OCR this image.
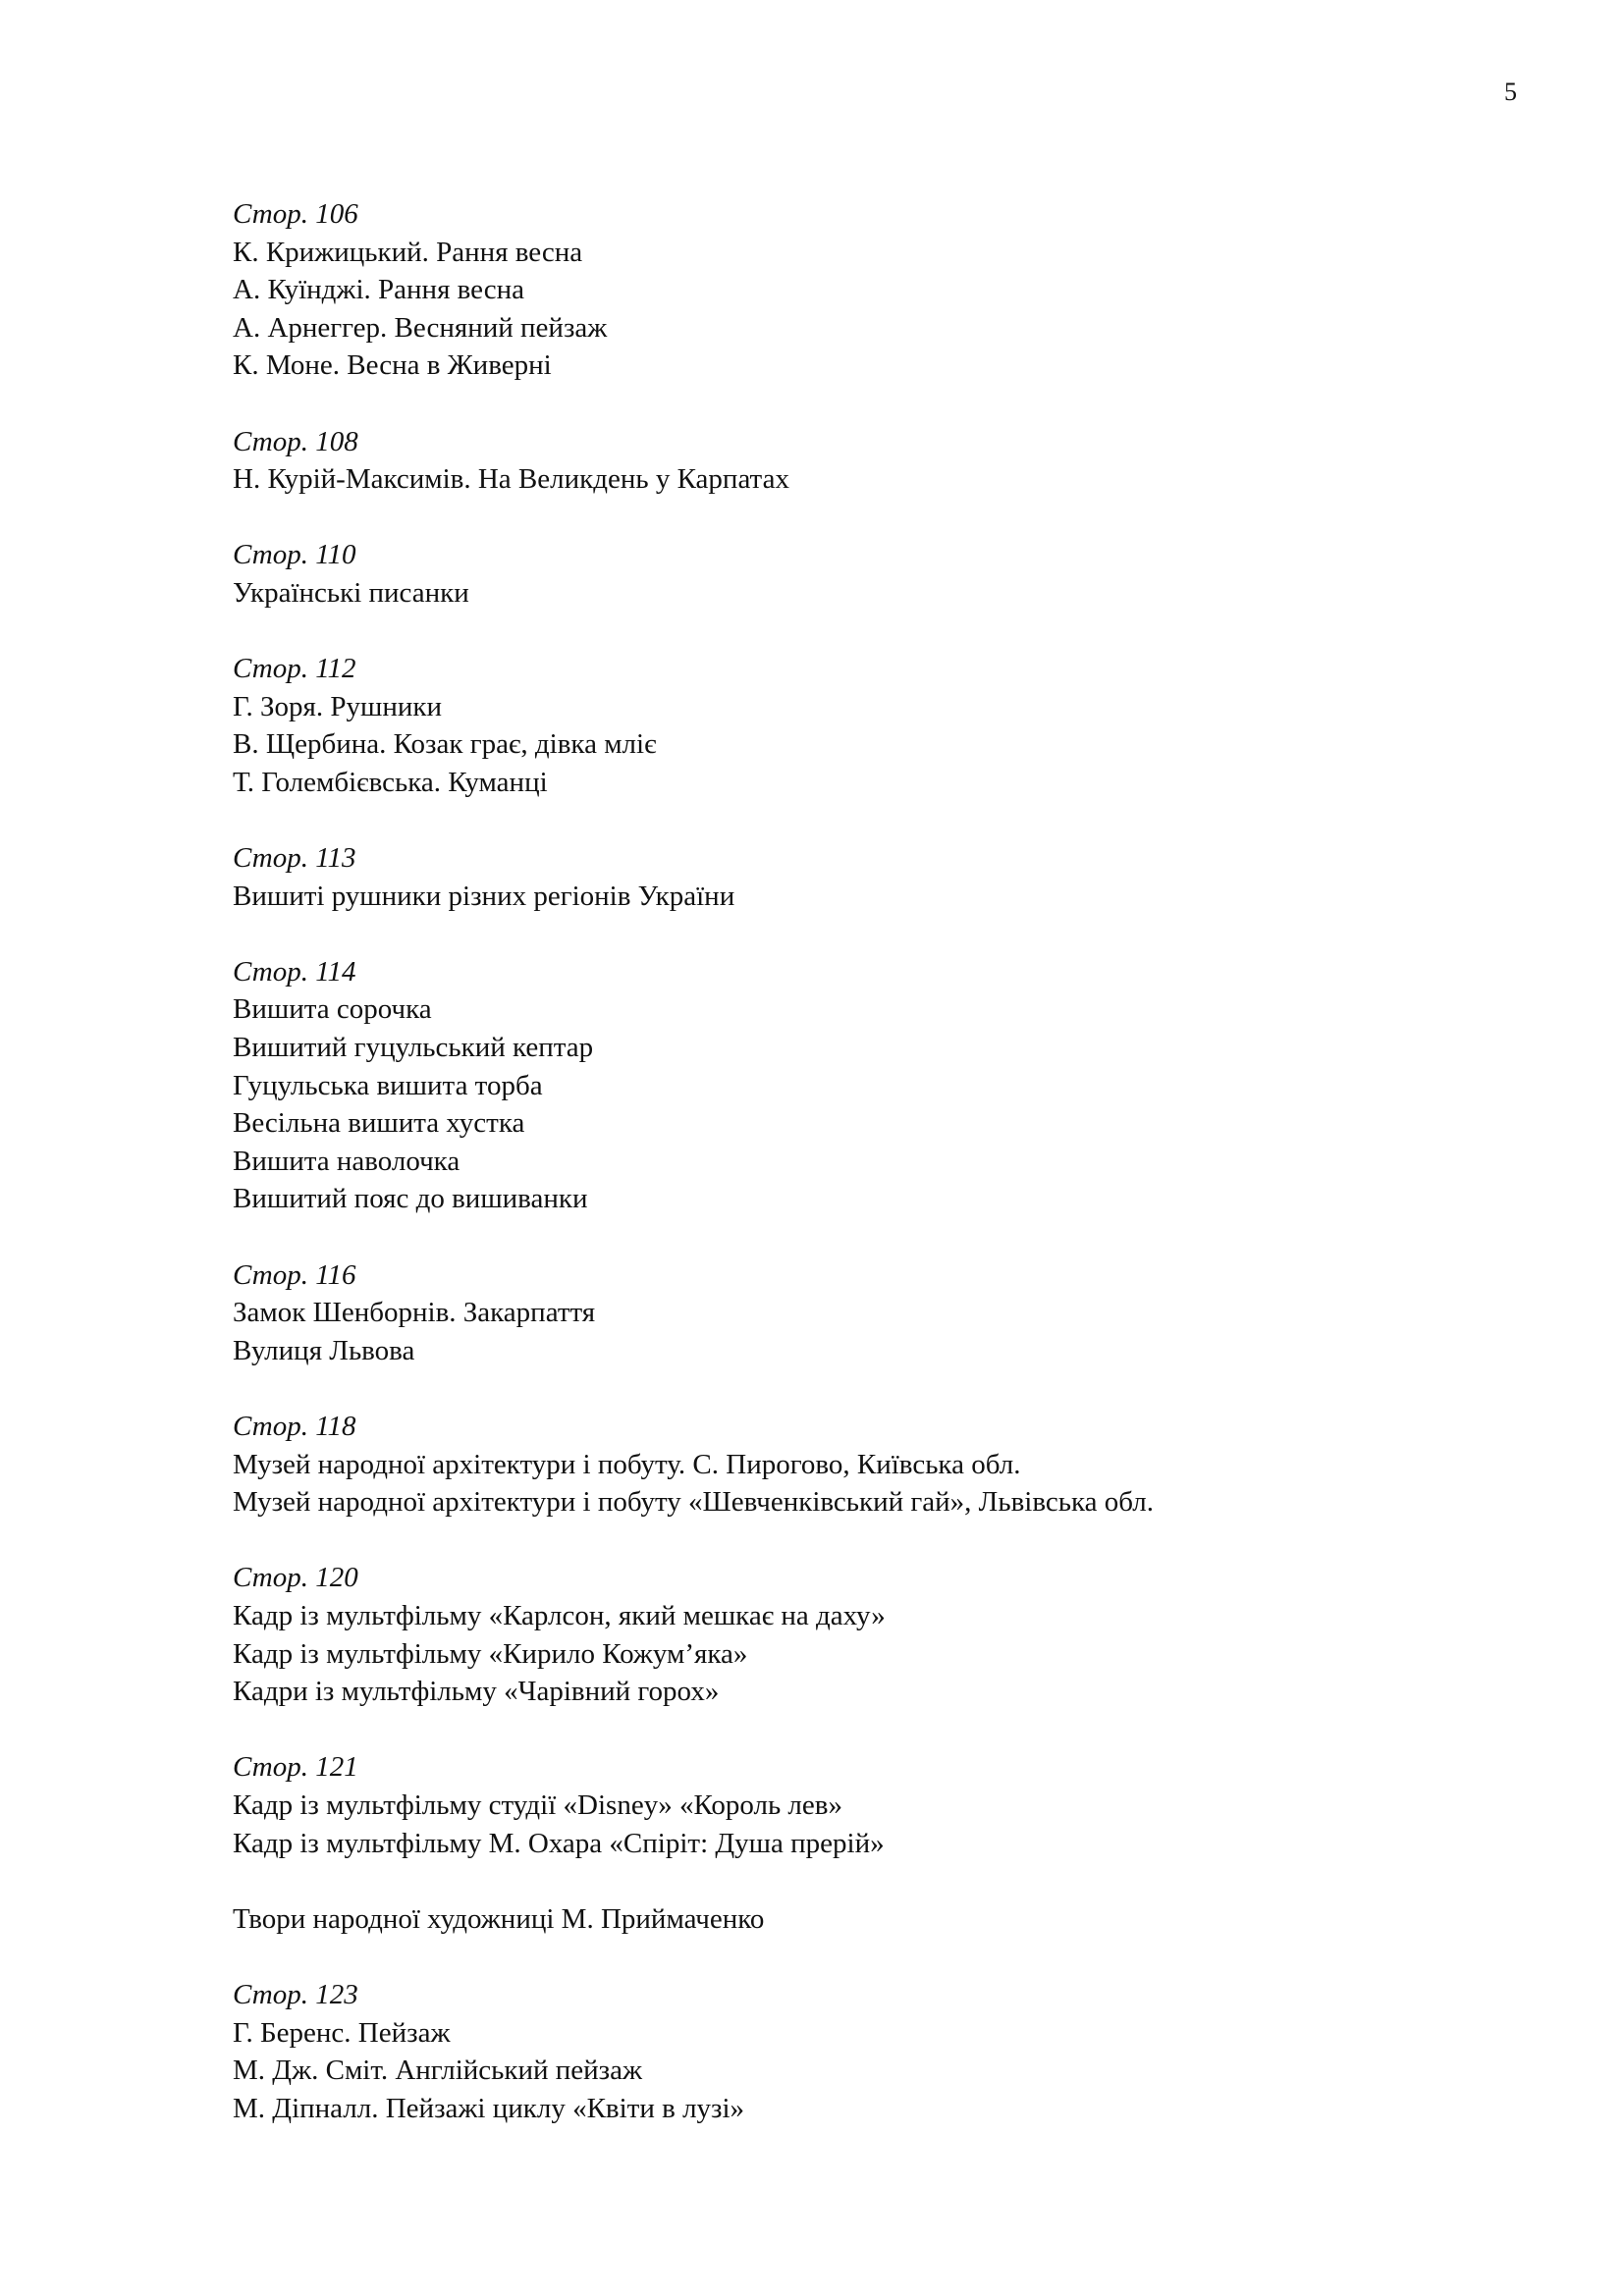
5
Стор. 106
К. Крижицький. Рання весна
А. Куїнджі. Рання весна
А. Арнеггер. Весняний пейзаж
К. Моне. Весна в Живерні
Стор. 108
Н. Курій-Максимів. На Великдень у Карпатах
Стор. 110
Українські писанки
Стор. 112
Г. Зоря. Рушники
В. Щербина. Козак грає, дівка мліє
Т. Голембієвська. Куманці
Стор. 113
Вишиті рушники різних регіонів України
Стор. 114
Вишита сорочка
Вишитий гуцульський кептар
Гуцульська вишита торба
Весільна вишита хустка
Вишита наволочка
Вишитий пояс до вишиванки
Стор. 116
Замок Шенборнів. Закарпаття
Вулиця Львова
Стор. 118
Музей народної архітектури і побуту. С. Пирогово, Київська обл.
Музей народної архітектури і побуту «Шевченківський гай», Львівська обл.
Стор. 120
Кадр із мультфільму «Карлсон, який мешкає на даху»
Кадр із мультфільму «Кирило Кожум’яка»
Кадри із мультфільму «Чарівний горох»
Стор. 121
Кадр із мультфільму студії «Disney» «Король лев»
Кадр із мультфільму М. Охара «Спіріт: Душа прерій»
Твори народної художниці М. Приймаченко
Стор. 123
Г. Беренс. Пейзаж
М. Дж. Сміт. Англійський пейзаж
М. Діпналл. Пейзажі циклу «Квіти в лузі»
